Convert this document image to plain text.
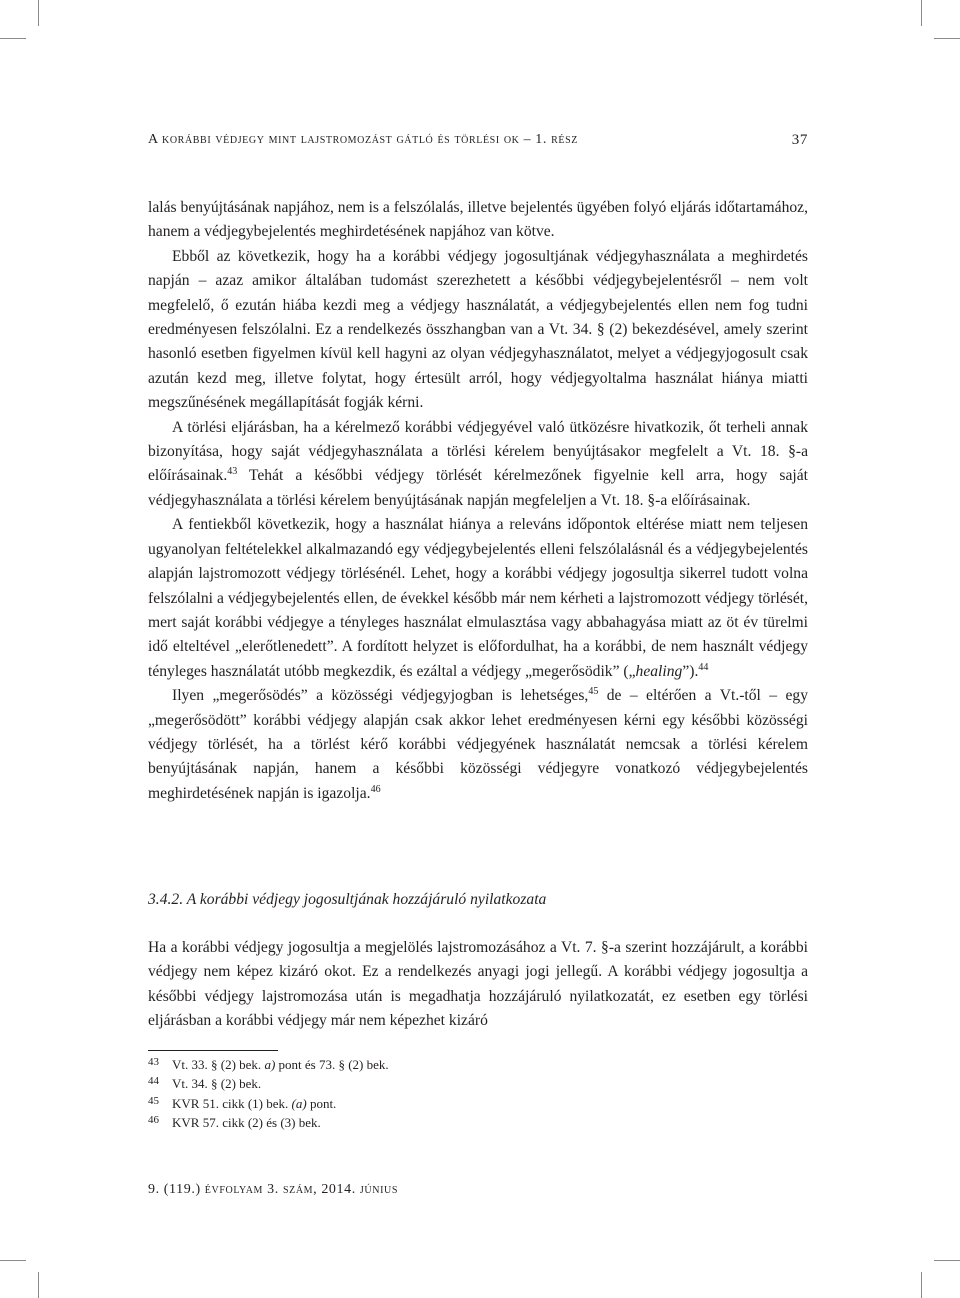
A korábbi védjegy mint lajstromozást gátló és törlési ok – 1. rész	37

lalás benyújtásának napjához, nem is a felszólalás, illetve bejelentés ügyében folyó eljárás időtartamához, hanem a védjegybejelentés meghirdetésének napjához van kötve.

Ebből az következik, hogy ha a korábbi védjegy jogosultjának védjegyhasználata a meghirdetés napján – azaz amikor általában tudomást szerezhetett a későbbi védjegybejelentésről – nem volt megfelelő, ő ezután hiába kezdi meg a védjegy használatát, a védjegybejelentés ellen nem fog tudni eredményesen felszólalni. Ez a rendelkezés összhangban van a Vt. 34. § (2) bekezdésével, amely szerint hasonló esetben figyelmen kívül kell hagyni az olyan védjegyhasználatot, melyet a védjegyjogosult csak azután kezd meg, illetve folytat, hogy értesült arról, hogy védjegyoltalma használat hiánya miatti megszűnésének megállapítását fogják kérni.

A törlési eljárásban, ha a kérelmező korábbi védjegyével való ütközésre hivatkozik, őt terheli annak bizonyítása, hogy saját védjegyhasználata a törlési kérelem benyújtásakor megfelelt a Vt. 18. §-a előírásainak.$^{43}$ Tehát a későbbi védjegy törlését kérelmezőnek figyelnie kell arra, hogy saját védjegyhasználata a törlési kérelem benyújtásának napján megfeleljen a Vt. 18. §-a előírásainak.

A fentiekből következik, hogy a használat hiánya a releváns időpontok eltérése miatt nem teljesen ugyanolyan feltételekkel alkalmazandó egy védjegybejelentés elleni felszólalásnál és a védjegybejelentés alapján lajstromozott védjegy törlésénél. Lehet, hogy a korábbi védjegy jogosultja sikerrel tudott volna felszólalni a védjegybejelentés ellen, de évekkel később már nem kérheti a lajstromozott védjegy törlését, mert saját korábbi védjegye a tényleges használat elmulasztása vagy abbahagyása miatt az öt év türelmi idő elteltével „elerőtlenedett”. A fordított helyzet is előfordulhat, ha a korábbi, de nem használt védjegy tényleges használatát utóbb megkezdik, és ezáltal a védjegy „megerősödik” („healing”).$^{44}$

Ilyen „megerősödés” a közösségi védjegyjogban is lehetséges,$^{45}$ de – eltérően a Vt.-től – egy „megerősödött” korábbi védjegy alapján csak akkor lehet eredményesen kérni egy későbbi közösségi védjegy törlését, ha a törlést kérő korábbi védjegyének használatát nemcsak a törlési kérelem benyújtásának napján, hanem a későbbi közösségi védjegyre vonatkozó védjegybejelentés meghirdetésének napján is igazolja.$^{46}$

3.4.2. A korábbi védjegy jogosultjának hozzájáruló nyilatkozata

Ha a korábbi védjegy jogosultja a megjelölés lajstromozásához a Vt. 7. §-a szerint hozzájárult, a korábbi védjegy nem képez kizáró okot. Ez a rendelkezés anyagi jogi jellegű. A korábbi védjegy jogosultja a későbbi védjegy lajstromozása után is megadhatja hozzájáruló nyilatkozatát, ez esetben egy törlési eljárásban a korábbi védjegy már nem képezhet kizáró

43 Vt. 33. § (2) bek. a) pont és 73. § (2) bek.
44 Vt. 34. § (2) bek.
45 KVR 51. cikk (1) bek. (a) pont.
46 KVR 57. cikk (2) és (3) bek.
9. (119.) évfolyam 3. szám, 2014. június
